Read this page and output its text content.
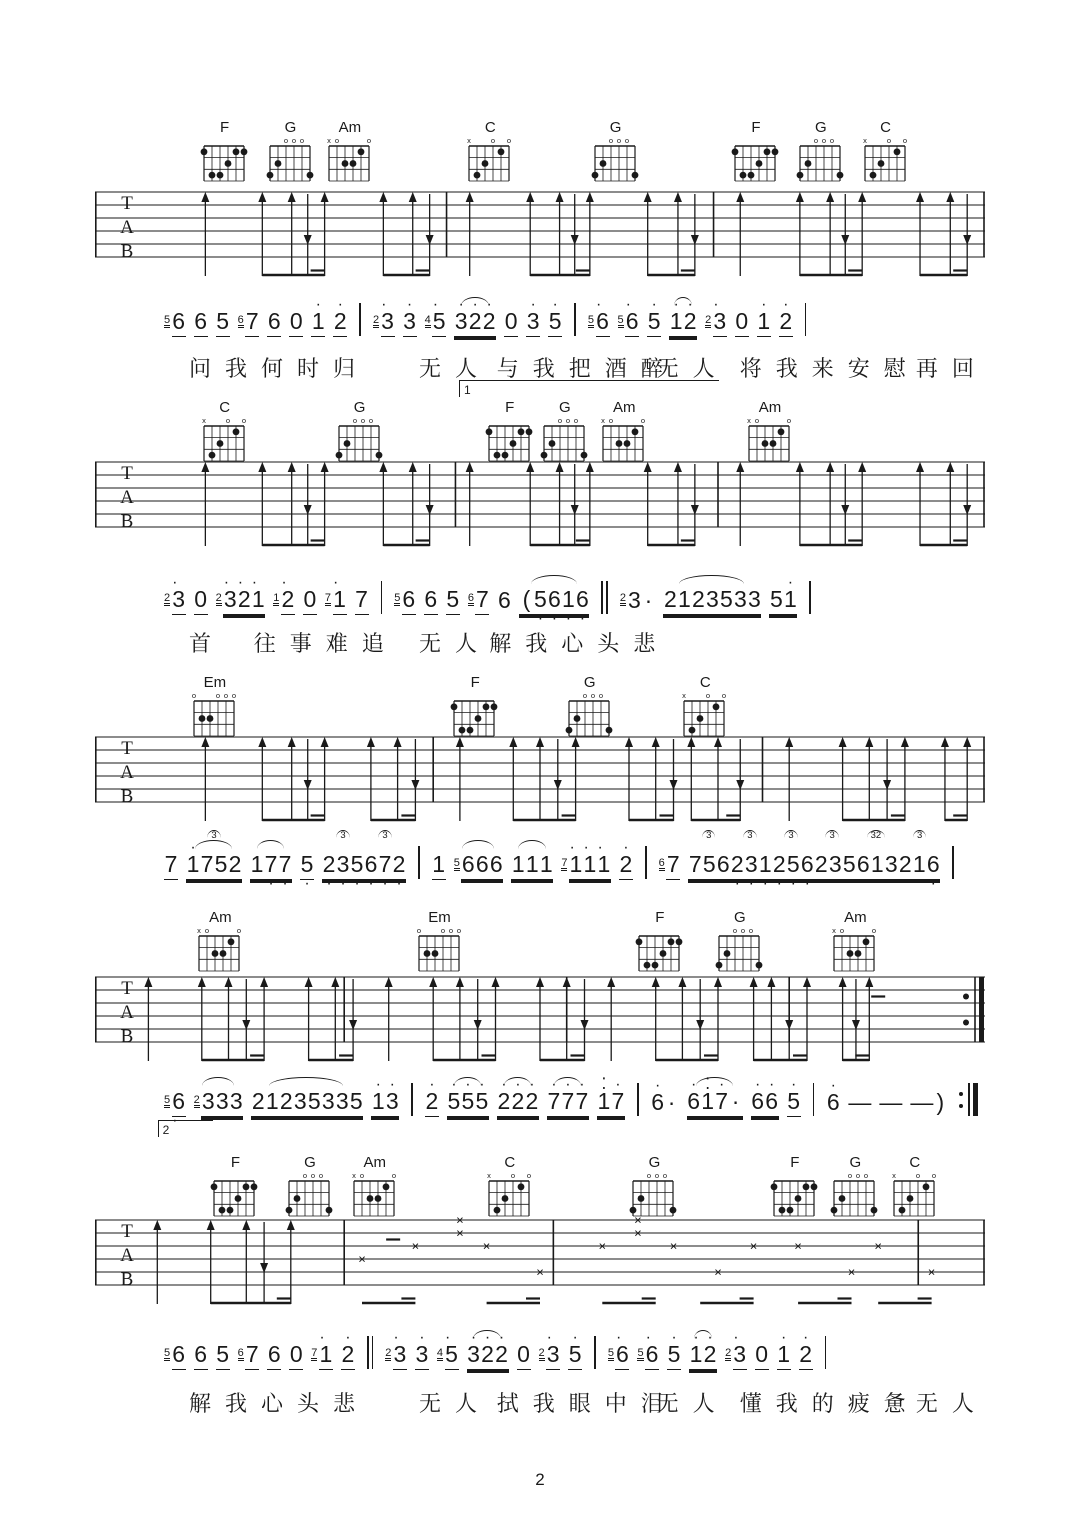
2
F	G
o o o
Am
x o	o
C
x	o o
G
o o o
F	G
o o o
C
x	o o
T
A
B

$^5$ 6

6

5

$^6$ 7

6

0

·
1

·
2

·
$^2$ 3

·
3

·
$^4$ 5

· · ·
3 2 2

0

·
3

·
5

·
$^5$ 6

·
$^5$ 6

·
5

· ·
1 2

·
$^2$ 3

0

·
1

·
2

问我何时归 无人 与我把酒醉
无人 将我来安慰
再回
C
x	o o
G
o o o
F	G
o o o
Am
x o	o
Am
x o	o
T
A
B
·
$^2$ 3

0

· · ·
$^2$ 3 2 1

·
$^1$ 2

0

·
$^7$ 1

7

$^5$ 6

6

5

$^6$ 7

6

( 5 6 1 6

· · · ·

$^2$ 3 ·

2 1 2 3 5 3 3

·
5 1

首 往事难追 无人
解我心头悲
Em
o	o o o
F	G
o o o
C
x	o o
T
A
B

7

3
·

1 7 5 2

1 7 7

· ·

5
·
3	3

2 3 5 6 7 2
· · · · · ·

1

$^5$ 6 6 6

1 1 1

· · ·
$^7$ 1 1 1

·
2

$^6$ 7

3	3	3	3	32	3

7 5 6 2 3 1 2 5 6 2 3 5 6 1 3 2 1 6

· · · · · ·

	·
Am
x o	o
Em
o	o o o
F	G
o o o
Am
x o	o
T
A
B

$^5$ 6
·

$^2$ 3 3 3

2 1 2 3 5 3 3 5

· ·
1 3

·
2

· · ·
5 5 5

· · ·
2 2 2

· · ·
7 7 7

⁚ ·
1 7

·

6 ·

· ⁚ ·

6 1 7 ·

· ·
6 6

·
5

·
6

—

—

— )

F	G
o o o
Am
x o	o
C
x	o o
G
o o o
F	G
o o o
C
x	o o
T
A
B
×
×
×
×
×
×
×
×
×
×
×
×	×
×
×
×

$^5$ 6

6

5

$^6$ 7

6

0

·
$^7$ 1

·
2

·
$^2$ 3

·
3

·
$^4$ 5

· · ·
3 2 2

0

·
$^2$ 3

·
5

·
$^5$ 6

·
$^5$ 6

·
5

· ·
1 2

·
$^2$ 3

0

·
1

·
2

解我心头悲 无人 拭我眼中泪
无人 懂我的疲惫
无人
1
2
